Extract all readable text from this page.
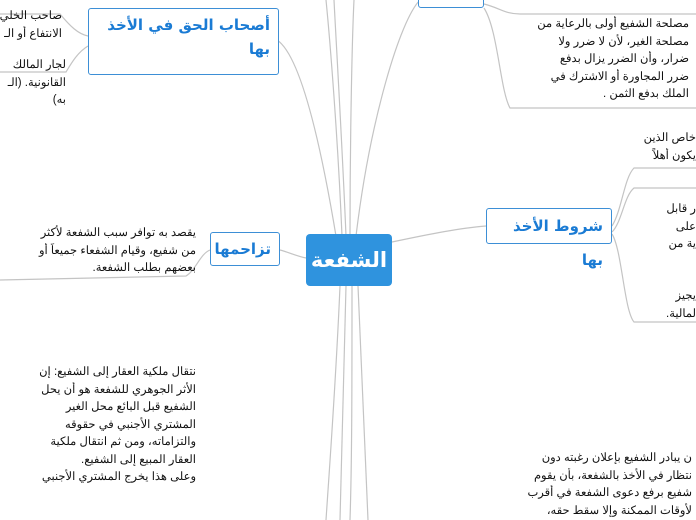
الشفعة
أصحاب الحق في الأخذ
بها
شروط الأخذ بها
تزاحمها
صاحب الخلي
الانتفاع أو الـ
لجار المالك
القانونية. (الـ
به)
مصلحة الشفيع أولى بالرعاية من
مصلحة الغير، لأن لا ضرر ولا
ضرار، وأن الضرر يزال بدفع
ضرر المجاورة أو الاشترك في
الملك بدفع الثمن .
خاص الذين
يكون أهلاً
ر قابل
على
ية من
يجيز
لمالية.
يقصد به توافر سبب الشفعة لأكثر
من شفيع، وقيام الشفعاء جميعاً أو
بعضهم بطلب الشفعة.
نتقال ملكية العقار إلى الشفيع: إن
الأثر الجوهري للشفعة هو أن يحل
الشفيع قبل البائع محل الغير
المشتري الأجنبي في حقوقه
والتزاماته، ومن ثم انتقال ملكية
العقار المبيع إلى الشفيع.
وعلى هذا يخرج المشتري الأجنبي
ن يبادر الشفيع بإعلان رغبته دون
نتظار في الأخذ بالشفعة، بأن يقوم
شفيع برفع دعوى الشفعة في أقرب
لأوقات الممكنة وإلا سقط حقه،
